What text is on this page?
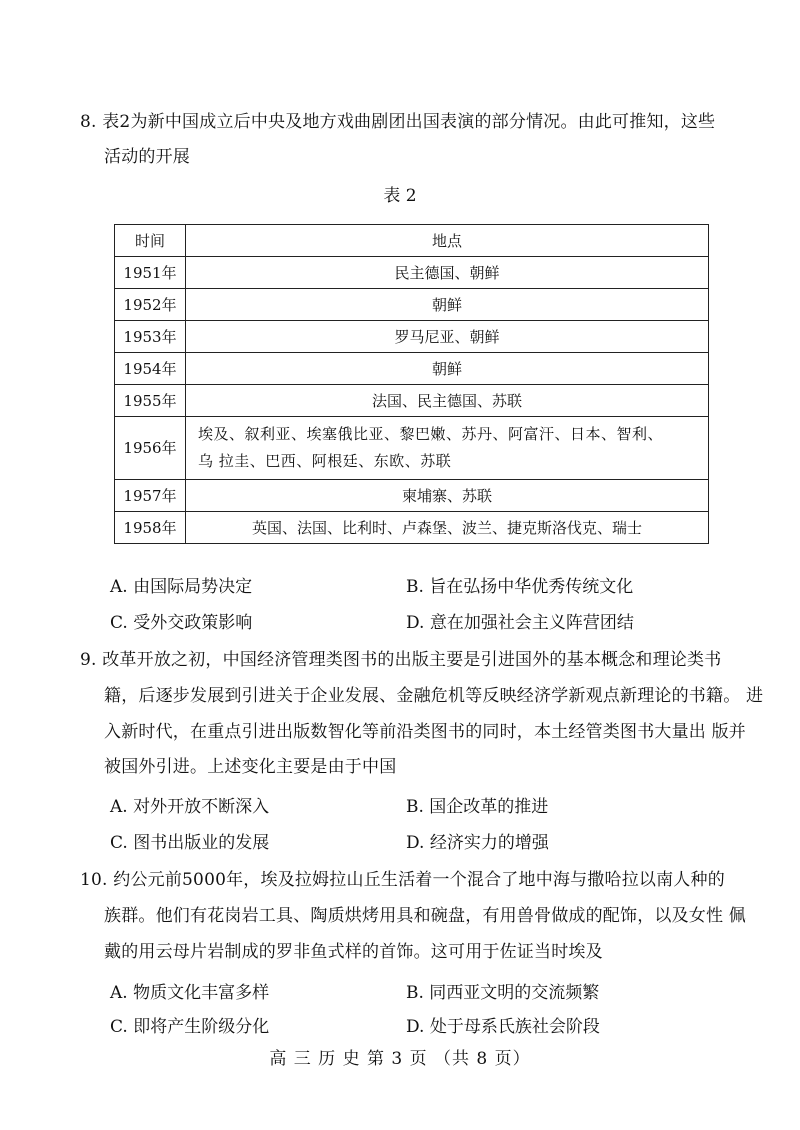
8. 表2为新中国成立后中央及地方戏曲剧团出国表演的部分情况。由此可推知，这些
活动的开展
表 2
时间	地点
1951年	民主德国、朝鲜
1952年	朝鲜
1953年	罗马尼亚、朝鲜
1954年	朝鲜
1955年	法国、民主德国、苏联
1956年	埃及、叙利亚、埃塞俄比亚、黎巴嫩、苏丹、阿富汗、日本、智利、
乌 拉圭、巴西、阿根廷、东欧、苏联

1957年	柬埔寨、苏联
1958年	英国、法国、比利时、卢森堡、波兰、捷克斯洛伐克、瑞士
A. 由国际局势决定	B. 旨在弘扬中华优秀传统文化
C. 受外交政策影响	D. 意在加强社会主义阵营团结
9. 改革开放之初，中国经济管理类图书的出版主要是引进国外的基本概念和理论类书
籍，后逐步发展到引进关于企业发展、金融危机等反映经济学新观点新理论的书籍。 进
入新时代，在重点引进出版数智化等前沿类图书的同时，本土经管类图书大量出 版并
被国外引进。上述变化主要是由于中国
A. 对外开放不断深入	B. 国企改革的推进
C. 图书出版业的发展	D. 经济实力的增强
10. 约公元前5000年，埃及拉姆拉山丘生活着一个混合了地中海与撒哈拉以南人种的
族群。他们有花岗岩工具、陶质烘烤用具和碗盘，有用兽骨做成的配饰，以及女性 佩
戴的用云母片岩制成的罗非鱼式样的首饰。这可用于佐证当时埃及
A. 物质文化丰富多样	B. 同西亚文明的交流频繁
C. 即将产生阶级分化	D. 处于母系氏族社会阶段
高 三 历 史 第 3 页 （共 8 页）
